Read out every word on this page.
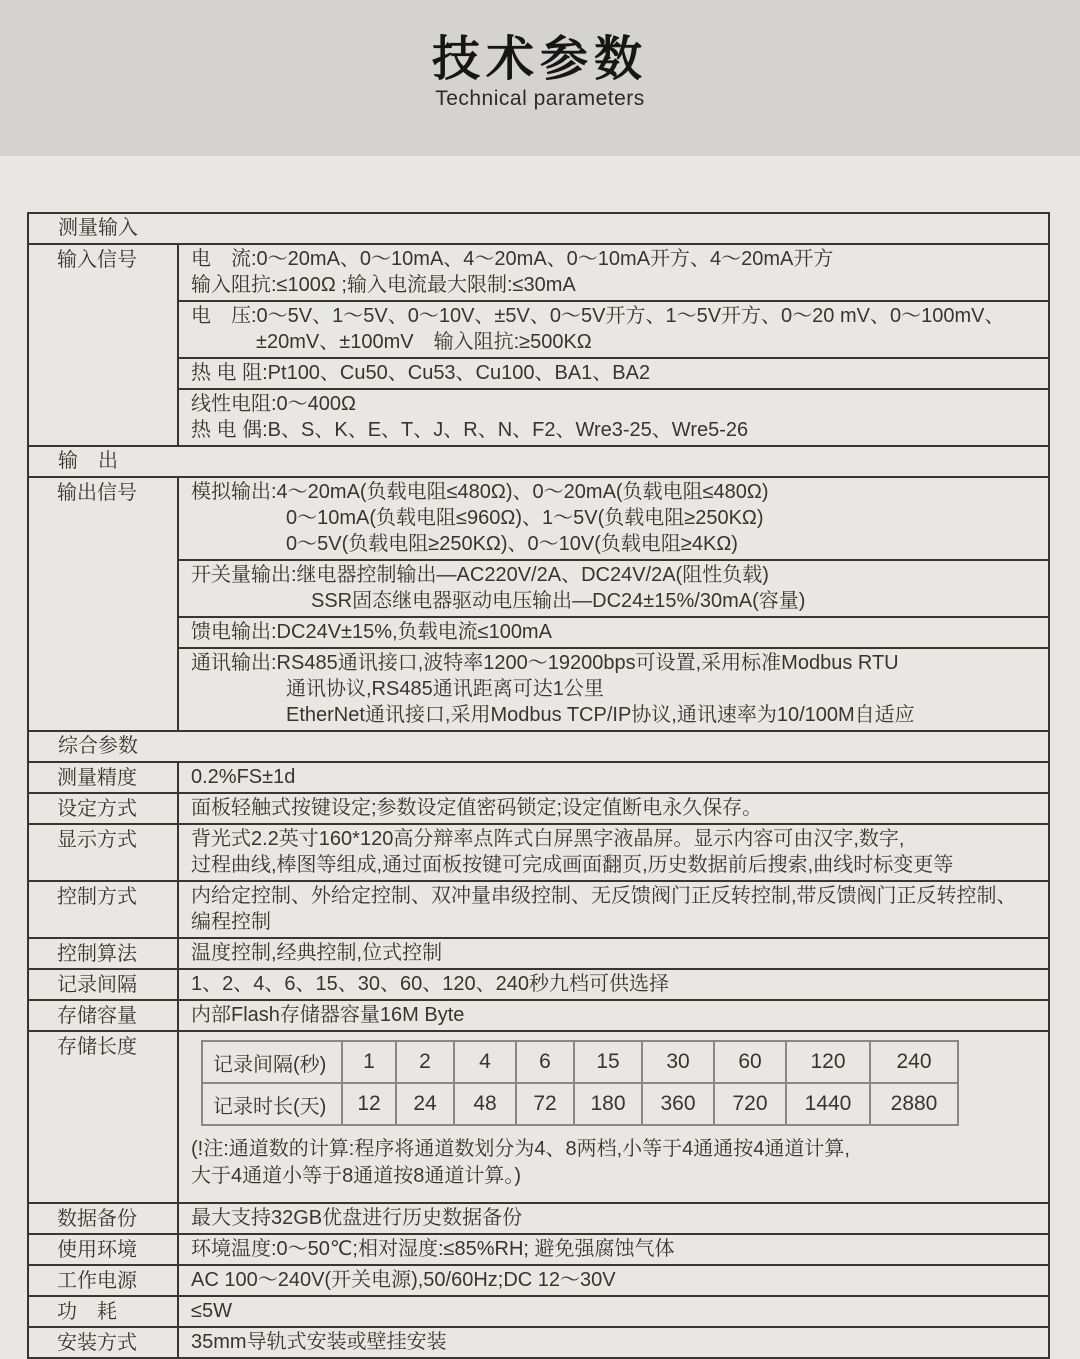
技术参数
Technical parameters
测量输入
输入信号	电　流:0～20mA、0～10mA、4～20mA、0～10mA开方、4～20mA开方
输入阻抗:≤100Ω ;输入电流最大限制:≤30mA
电　压:0～5V、1～5V、0～10V、±5V、0～5V开方、1～5V开方、0～20 mV、0～100mV、
±20mV、±100mV　输入阻抗:≥500KΩ
热 电 阻:Pt100、Cu50、Cu53、Cu100、BA1、BA2
线性电阻:0～400Ω
热 电 偶:B、S、K、E、T、J、R、N、F2、Wre3-25、Wre5-26
输　出
输出信号	模拟输出:4～20mA(负载电阻≤480Ω)、0～20mA(负载电阻≤480Ω)
0～10mA(负载电阻≤960Ω)、1～5V(负载电阻≥250KΩ)
0～5V(负载电阻≥250KΩ)、0～10V(负载电阻≥4KΩ)
开关量输出:继电器控制输出—AC220V/2A、DC24V/2A(阻性负载)
SSR固态继电器驱动电压输出—DC24±15%/30mA(容量)
馈电输出:DC24V±15%,负载电流≤100mA
通讯输出:RS485通讯接口,波特率1200～19200bps可设置,采用标准Modbus RTU
通讯协议,RS485通讯距离可达1公里
EtherNet通讯接口,采用Modbus TCP/IP协议,通讯速率为10/100M自适应
综合参数
测量精度	0.2%FS±1d
设定方式	面板轻触式按键设定;参数设定值密码锁定;设定值断电永久保存。
显示方式	背光式2.2英寸160*120高分辩率点阵式白屏黑字液晶屏。显示内容可由汉字,数字,
过程曲线,棒图等组成,通过面板按键可完成画面翻页,历史数据前后搜索,曲线时标变更等
控制方式	内给定控制、外给定控制、双冲量串级控制、无反馈阀门正反转控制,带反馈阀门正反转控制、
编程控制
控制算法	温度控制,经典控制,位式控制
记录间隔	1、2、4、6、15、30、60、120、240秒九档可供选择
存储容量	内部Flash存储器容量16M Byte
存储长度
记录间隔(秒)	1	2	4	6	15	30	60	120	240
记录时长(天)	12	24	48	72	180	360	720	1440	2880
(!注:通道数的计算:程序将通道数划分为4、8两档,小等于4通通按4通道计算,
大于4通道小等于8通道按8通道计算。)
数据备份	最大支持32GB优盘进行历史数据备份
使用环境	环境温度:0～50℃;相对湿度:≤85%RH; 避免强腐蚀气体
工作电源	AC 100～240V(开关电源),50/60Hz;DC 12～30V
功　耗	≤5W
安装方式	35mm导轨式安装或壁挂安装
